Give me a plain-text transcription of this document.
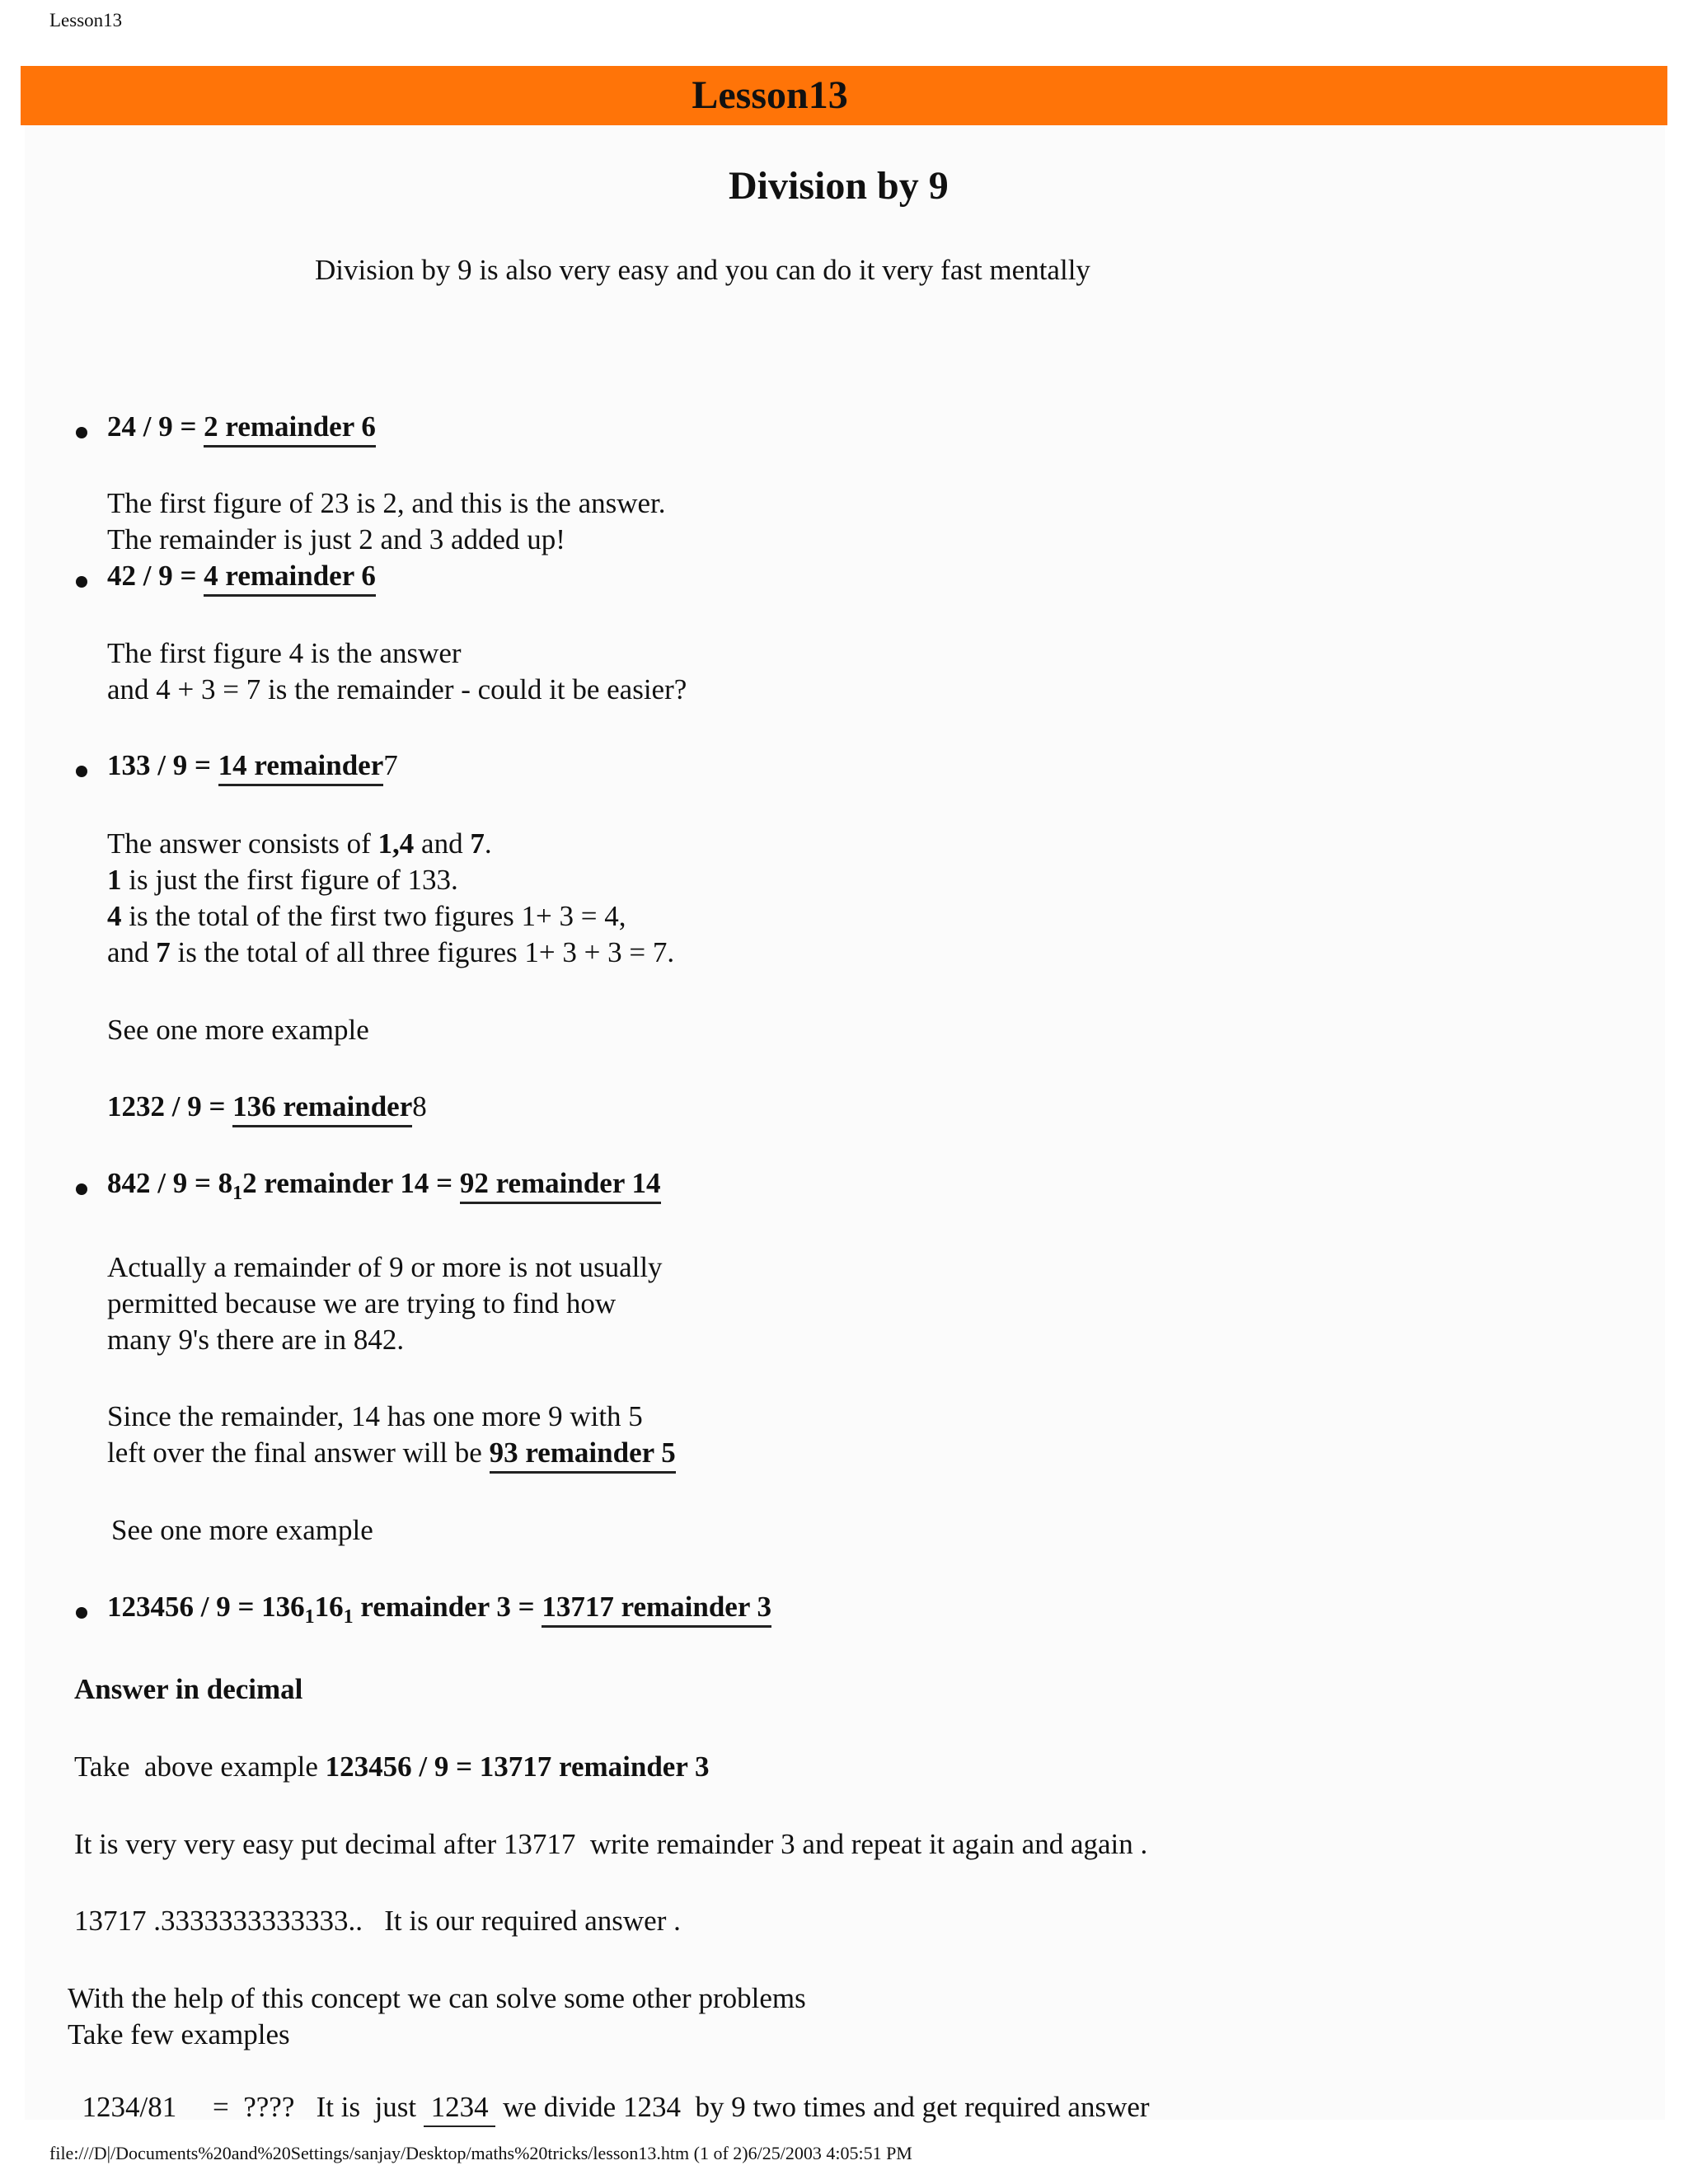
Lesson13
Lesson13
Division by 9
Division by 9 is also very easy and you can do it very fast mentally
24 / 9 = 2 remainder 6
The first figure of 23 is 2, and this is the answer.
The remainder is just 2 and 3 added up!
42 / 9 = 4 remainder 6
The first figure 4 is the answer
and 4 + 3 = 7 is the remainder - could it be easier?
133 / 9 = 14 remainder7
The answer consists of 1,4 and 7.
1 is just the first figure of 133.
4 is the total of the first two figures 1+ 3 = 4,
and 7 is the total of all three figures 1+ 3 + 3 = 7.
See one more example
1232 / 9 = 136 remainder8
$842 / 9 = 8_12$ remainder 14 = 92 remainder 14
Actually a remainder of 9 or more is not usually
permitted because we are trying to find how
many 9's there are in 842.
Since the remainder, 14 has one more 9 with 5
left over the final answer will be 93 remainder 5
See one more example
$123456 / 9 = 136_116_1$ remainder 3 = 13717 remainder 3
Answer in decimal
Take  above example 123456 / 9 = 13717 remainder 3
It is very very easy put decimal after 13717  write remainder 3 and repeat it again and again .
13717 .3333333333333..   It is our required answer .
With the help of this concept we can solve some other problems
Take few examples

1234/81     =  ????   It is  just  1234  we divide 1234  by 9 two times and get required answer

file:///D|/Documents%20and%20Settings/sanjay/Desktop/maths%20tricks/lesson13.htm (1 of 2)6/25/2003 4:05:51 PM
